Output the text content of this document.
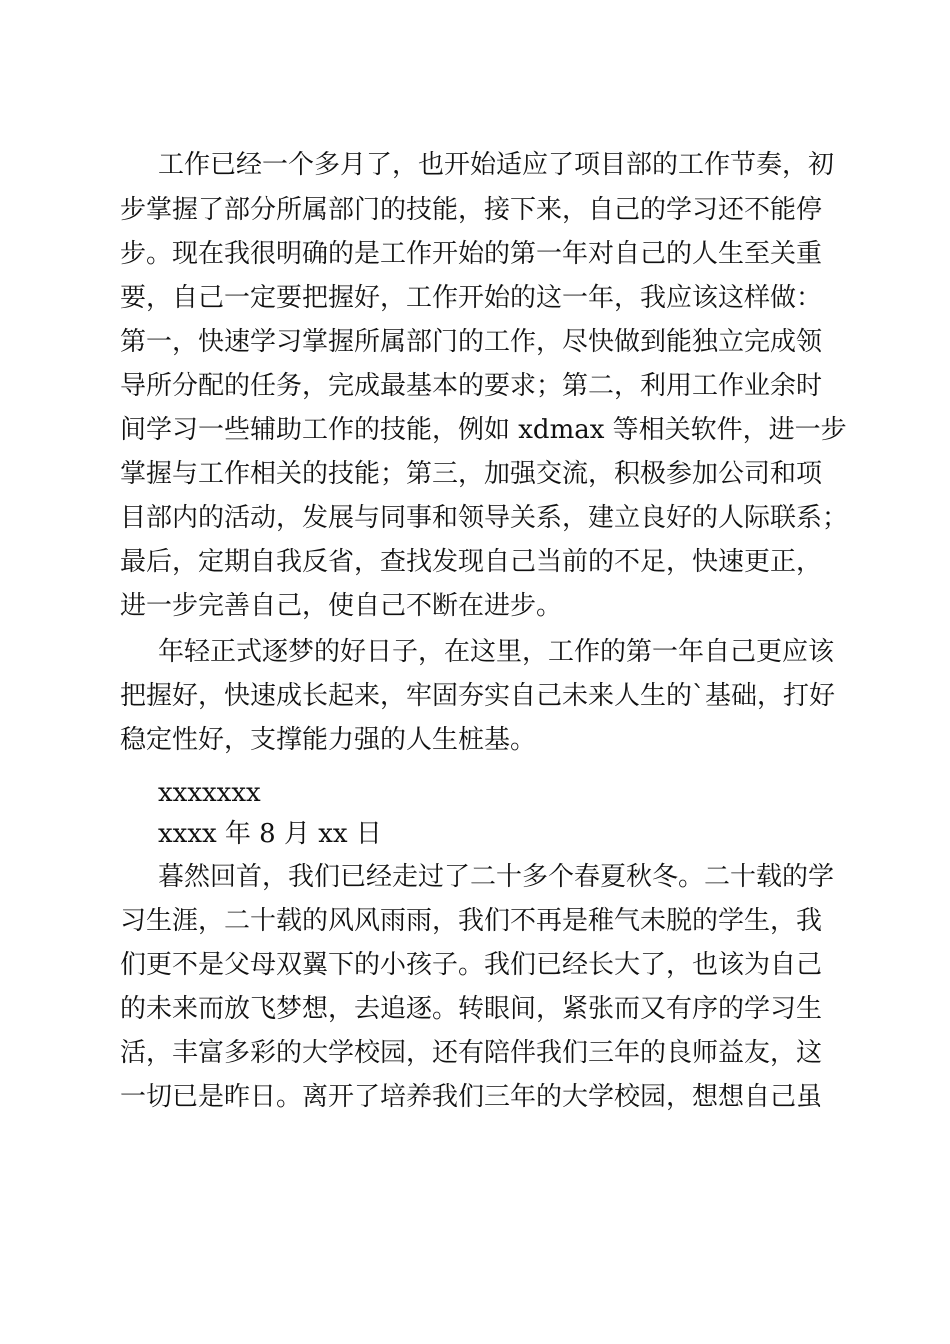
工作已经一个多月了，也开始适应了项目部的工作节奏，初
步掌握了部分所属部门的技能，接下来，自己的学习还不能停
步。现在我很明确的是工作开始的第一年对自己的人生至关重
要，自己一定要把握好，工作开始的这一年，我应该这样做：
第一，快速学习掌握所属部门的工作，尽快做到能独立完成领
导所分配的任务，完成最基本的要求；第二，利用工作业余时
间学习一些辅助工作的技能，例如 xdmax 等相关软件，进一步
掌握与工作相关的技能；第三，加强交流，积极参加公司和项
目部内的活动，发展与同事和领导关系，建立良好的人际联系；
最后，定期自我反省，查找发现自己当前的不足，快速更正，
进一步完善自己，使自己不断在进步。
年轻正式逐梦的好日子，在这里，工作的第一年自己更应该
把握好，快速成长起来，牢固夯实自己未来人生的`基础，打好
稳定性好，支撑能力强的人生桩基。
xxxxxxx
xxxx 年 8 月 xx 日
暮然回首，我们已经走过了二十多个春夏秋冬。二十载的学
习生涯，二十载的风风雨雨，我们不再是稚气未脱的学生，我
们更不是父母双翼下的小孩子。我们已经长大了，也该为自己
的未来而放飞梦想，去追逐。转眼间，紧张而又有序的学习生
活，丰富多彩的大学校园，还有陪伴我们三年的良师益友，这
一切已是昨日。离开了培养我们三年的大学校园，想想自己虽
